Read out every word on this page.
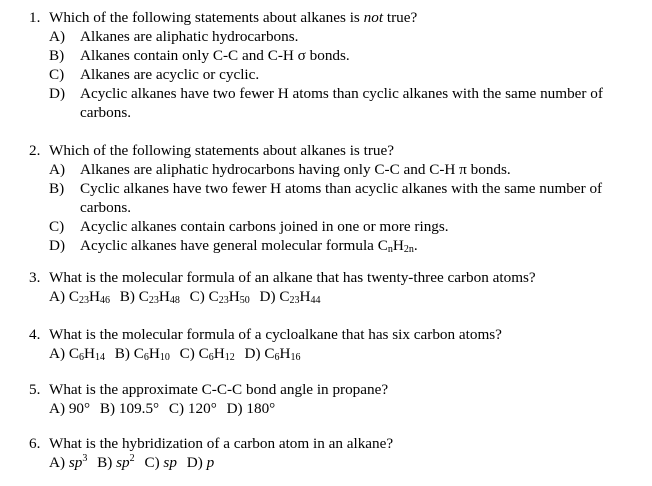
1. Which of the following statements about alkanes is not true?
A) Alkanes are aliphatic hydrocarbons.
B)	Alkanes contain only C-C and C-H σ bonds.
C)	Alkanes are acyclic or cyclic.
D) Acyclic alkanes have two fewer H atoms than cyclic alkanes with the same number of carbons.
2. Which of the following statements about alkanes is true?
A) Alkanes are aliphatic hydrocarbons having only C-C and C-H π bonds.
B)	Cyclic alkanes have two fewer H atoms than acyclic alkanes with the same number of carbons.
C)	Acyclic alkanes contain carbons joined in one or more rings.
D) Acyclic alkanes have general molecular formula $C_nH_{2n}$.
3. What is the molecular formula of an alkane that has twenty-three carbon atoms?
A) $C_{23}H_{46}$ B) $C_{23}H_{48}$ C) $C_{23}H_{50}$ D) $C_{23}H_{44}$
4. What is the molecular formula of a cycloalkane that has six carbon atoms?
A) $C_6H_{14}$ B) $C_6H_{10}$ C) $C_6H_{12}$ D) $C_6H_{16}$
5. What is the approximate C-C-C bond angle in propane?
A) 90° B) 109.5° C) 120° D) 180°
6. What is the hybridization of a carbon atom in an alkane?
A) $sp^3$ B) $sp^2$ C) sp D) p
